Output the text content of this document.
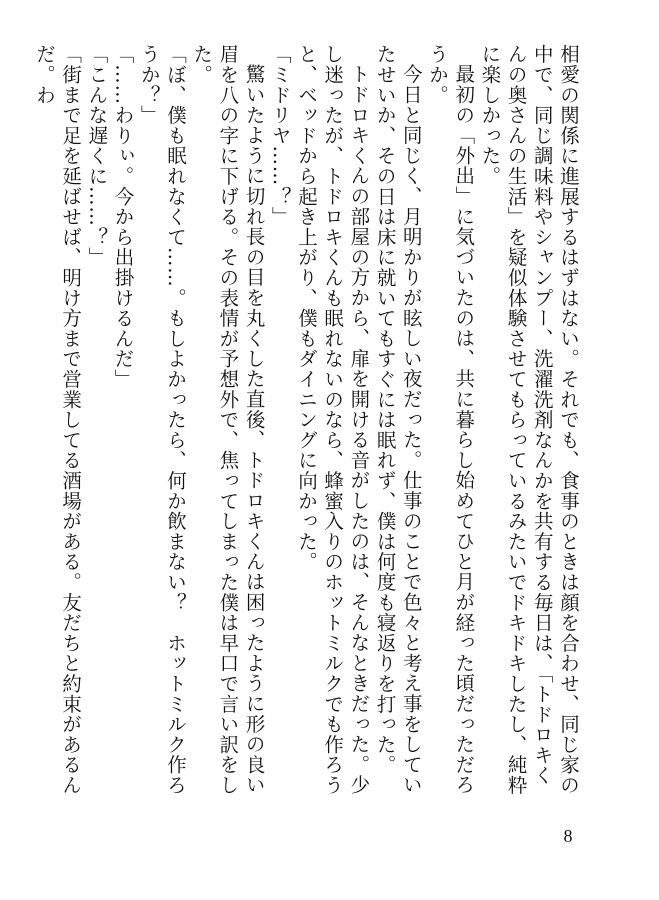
相愛の関係に進展するはずはない。それでも、食事のときは顔を合わせ、同じ家の中で、同じ調味料やシャンプー、洗濯洗剤なんかを共有する毎日は、「トドロキくんの奥さんの生活」を疑似体験させてもらっているみたいでドキドキしたし、純粋に楽しかった。

最初の「外出」に気づいたのは、共に暮らし始めてひと月が経った頃だっただろうか。

今日と同じく、月明かりが眩しい夜だった。仕事のことで色々と考え事をしていたせいか、その日は床に就いてもすぐには眠れず、僕は何度も寝返りを打った。

トドロキくんの部屋の方から、扉を開ける音がしたのは、そんなときだった。少し迷ったが、トドロキくんも眠れないのなら、蜂蜜入りのホットミルクでも作ろうと、ベッドから起き上がり、僕もダイニングに向かった。

「ミドリヤ……？」

驚いたように切れ長の目を丸くした直後、トドロキくんは困ったように形の良い眉を八の字に下げる。その表情が予想外で、焦ってしまった僕は早口で言い訳をした。

「ぼ、僕も眠れなくて……。もしよかったら、何か飲まない？　ホットミルク作ろうか？」

「……わりぃ。今から出掛けるんだ」

「こんな遅くに……？」

「街まで足を延ばせば、明け方まで営業してる酒場がある。友だちと約束があるんだ。わ

8
